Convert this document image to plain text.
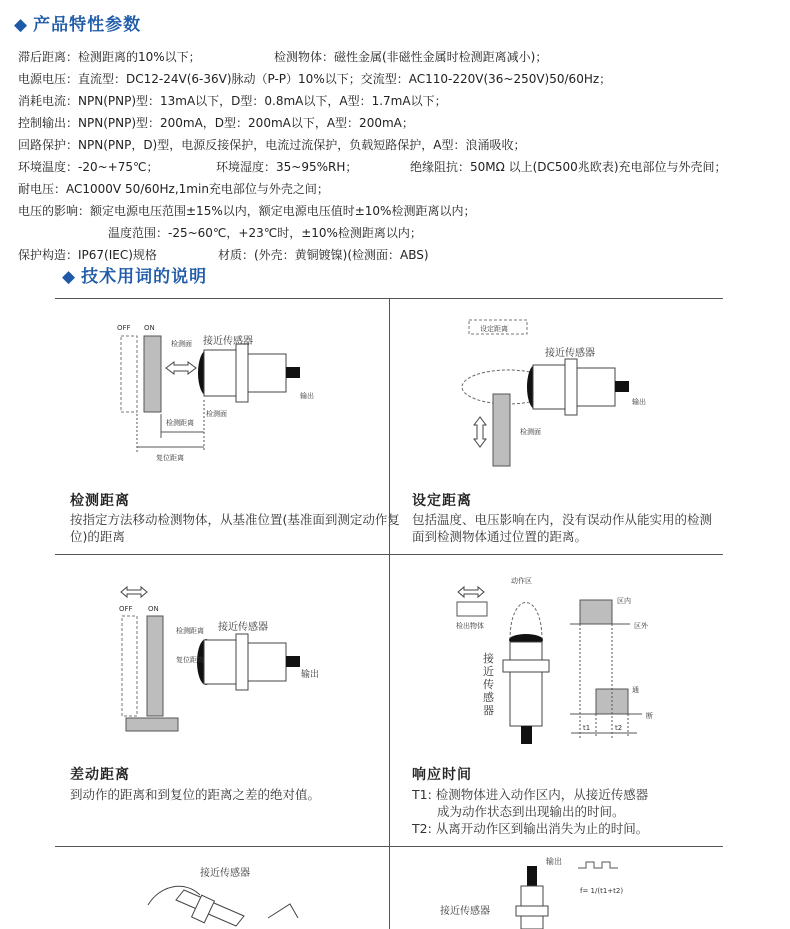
◆ 产品特性参数
滞后距离：检测距离的10%以下；	检测物体：磁性金属(非磁性金属时检测距离减小)；
电源电压：直流型：DC12-24V(6-36V)脉动（P-P）10%以下；交流型：AC110-220V(36~250V)50/60Hz；
消耗电流：NPN(PNP)型：13mA以下，D型：0.8mA以下，A型：1.7mA以下；
控制输出：NPN(PNP)型：200mA，D型：200mA以下，A型：200mA；
回路保护：NPN(PNP，D)型，电源反接保护，电流过流保护，负载短路保护，A型：浪涌吸收；
环境温度：-20~+75℃；	环境湿度：35~95%RH；	绝缘阻抗：50MΩ 以上(DC500兆欧表)充电部位与外壳间；
耐电压：AC1000V 50/60Hz,1min充电部位与外壳之间；
电压的影响：额定电源电压范围±15%以内，额定电源电压值时±10%检测距离以内；
温度范围：-25~60℃，+23℃时，±10%检测距离以内；
保护构造：IP67(IEC)规格	材质：(外壳：黄铜镀镍)(检测面：ABS)
◆ 技术用词的说明
OFF ON
接近传感器
检测面
输出
检测面
检测距离
复位距离
检测距离
按指定方法移动检测物体，从基准位置(基准面到测定动作复位)的距离
设定距离
接近传感器
输出
检测面
设定距离
包括温度、电压影响在内，没有误动作从能实用的检测面到检测物体通过位置的距离。
OFF ON
检测距离
复位距离
接近传感器
输出
差动距离
到动作的距离和到复位的距离之差的绝对值。
动作区
检出物体
区内
区外
通
断
t1	t2
接近传感器
响应时间
T1: 检测物体进入动作区内，从接近传感器
成为动作状态到出现输出的时间。
T2: 从离开动作区到输出消失为止的时间。
接近传感器
输出
接近传感器
f= 1/(t1+t2)
